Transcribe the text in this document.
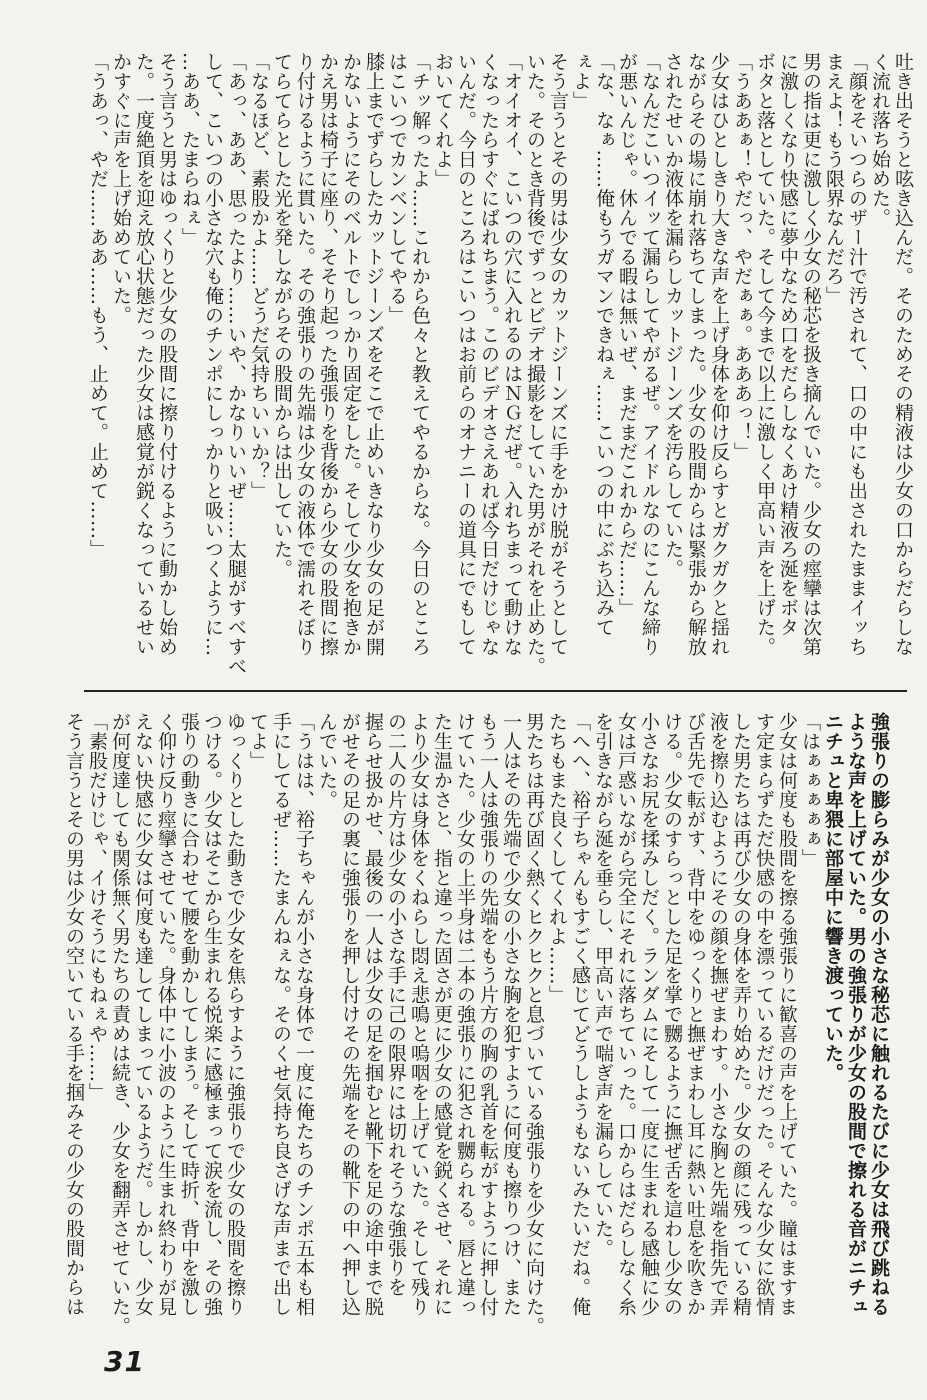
吐き出そうと呟き込んだ。そのためその精液は少女の口からだらしな

く流れ落ち始めた。

「顔をそいつらのザー汁で汚されて、口の中にも出されたままイッち

まえよ！もう限界なんだろ」

男の指は更に激しく少女の秘芯を扱き摘んでいた。少女の痙攣は次第

に激しくなり快感に夢中なため口をだらしなくあけ精液ろ涎をボタ

ボタと落としていた。そして今まで以上に激しく甲高い声を上げた。

「うああぁ！やだっ、やだぁぁ。あああっ！」

少女はひとしきり大きな声を上げ身体を仰け反らすとガクガクと揺れ

ながらその場に崩れ落ちてしまった。少女の股間からは緊張から解放

されたせいか液体を漏らしカットジーンズを汚らしていた。

「なんだこいつイッて漏らしてやがるぜ。アイドルなのにこんな締り

が悪いんじゃ。休んでる暇は無いぜ、まだまだこれからだ……」

「な、なぁ……俺もうガマンできねぇ……こいつの中にぶち込みて

ぇよ」

そう言うとその男は少女のカットジーンズに手をかけ脱がそうとして

いた。そのとき背後でずっとビデオ撮影をしていた男がそれを止めた。

「オイオイ、こいつの穴に入れるのはＮＧだぜ。入れちまって動けな

くなったらすぐにばれちまう。このビデオさえあれば今日だけじゃな

いんだ。今日のところはこいつはお前らのオナニーの道具にでもして

おいてくれよ」

「チッ解ったよ……これから色々と教えてやるからな。今日のところ

はこいつでカンベンしてやる」

膝上までずらしたカットジーンズをそこで止めいきなり少女の足が開

かないようにそのベルトでしっかり固定をした。そして少女を抱きか

かえ男は椅子に座り、そそり起った強張りを背後から少女の股間に擦

り付けるように貫いた。その強張りの先端は少女の液体で濡れそぼり

てらてらとした光を発しながらその股間からは出していた。

「なるほど、素股かよ……どうだ気持ちいいか？」

「あっ、ああ、思ったより……いや、かなりいいぜ……太腿がすべすべ

して、こいつの小さな穴も俺のチンポにしっかりと吸いつくように…

…ああ、たまらねぇ」

そう言うと男はゆっくりと少女の股間に擦り付けるように動かし始め

た。一度絶頂を迎え放心状態だった少女は感覚が鋭くなっているせい

かすぐに声を上げ始めていた。

「うあっ、やだ……ああ……もう、止めて。止めて……」

強張りの膨らみが少女の小さな秘芯に触れるたびに少女は飛び跳ねる

ような声を上げていた。男の強張りが少女の股間で擦れる音がニチュ

ニチュと卑猥に部屋中に響き渡っていた。

「はぁぁぁぁぁ」

少女は何度も股間を擦る強張りに歓喜の声を上げていた。瞳はますま

す定まらずただ快感の中を漂っているだけだった。そんな少女に欲情

した男たちは再び少女の身体を弄り始めた。少女の顔に残っている精

液を擦り込むようにその顔を撫ぜまわす。小さな胸と先端を指先で弄

び舌先で転がす、背中をゆっくりと撫ぜまわし耳に熱い吐息を吹きか

ける。少女のすらっとした足を掌で嬲るように撫ぜ舌を這わし少女の

小さなお尻を揉みしだく。ランダムにそして一度に生まれる感触に少

女は戸惑いながら完全にそれに落ちていった。口からはだらしなく糸

を引きながら涎を垂らし、甲高い声で喘ぎ声を漏らしていた。

「へへ、裕子ちゃんもすごく感じてどうしようもないみたいだね。俺

たちもまた良くしてくれよ……」

男たちは再び固く熱くヒクヒクと息づいている強張りを少女に向けた。

一人はその先端で少女の小さな胸を犯すように何度も擦りつけ、また

もう一人は強張りの先端をもう片方の胸の乳首を転がすように押し付

けていた。少女の上半身は二本の強張りに犯され嬲られる。唇と違っ

た生温かさと、指と違った固さが更に少女の感覚を鋭くさせ、それに

より少女は身体をくねらし悶え悲鳴と嗚咽を上げていた。そして残り

の二人の片方は少女の小さな手に己の限界には切れそうな強張りを

握らせ扱かせ、最後の一人は少女の足を掴むと靴下を足の途中まで脱

がせその足の裏に強張りを押し付けその先端をその靴下の中へ押し込

んでいた。

「うはは、裕子ちゃんが小さな身体で一度に俺たちのチンポ五本も相

手にしてるぜ……たまんねぇな。そのくせ気持ち良さげな声まで出し

てよ」

ゆっくりとした動きで少女を焦らすように強張りで少女の股間を擦り

つける。少女はそこから生まれる悦楽に感極まって涙を流し、その強

張りの動きに合わせて腰を動かしてしまう。そして時折、背中を激し

く仰け反り痙攣させていた。身体中に小波のように生まれ終わりが見

えない快感に少女は何度も達してしまっているようだ。しかし、少女

が何度達しても関係無く男たちの責めは続き、少女を翻弄させていた。

「素股だけじゃ、イけそうにもねぇや……」

そう言うとその男は少女の空いている手を掴みその少女の股間からは

31
